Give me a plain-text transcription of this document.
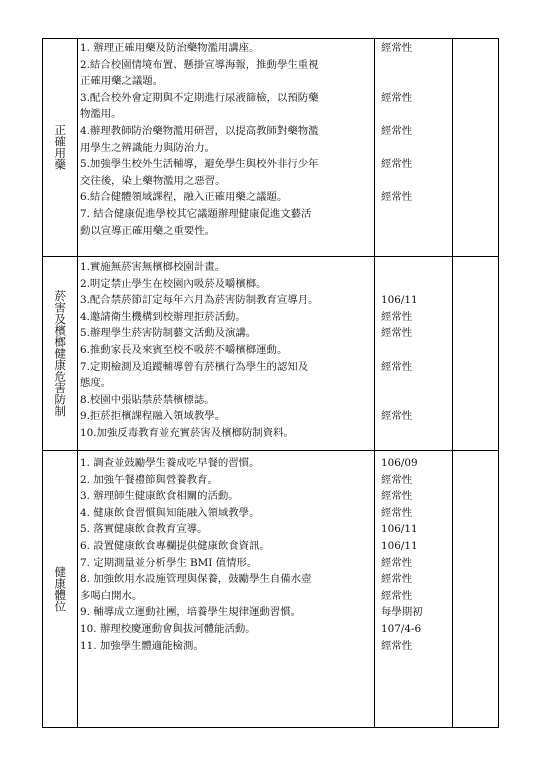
正確用藥

1. 辦理正確用藥及防治藥物濫用講座。

2.結合校園情境布置、懸掛宣導海報，推動學生重視

正確用藥之議題。

3.配合校外會定期與不定期進行尿液篩檢，以預防藥

物濫用。

4.辦理教師防治藥物濫用研習，以提高教師對藥物濫

用學生之辨識能力與防治力。

5.加強學生校外生活輔導，避免學生與校外非行少年

交往後，染上藥物濫用之惡習。

6.結合健體領域課程，融入正確用藥之議題。

7. 結合健康促進學校其它議題辦理健康促進文藝活

動以宣導正確用藥之重要性。

經常性

經常性

經常性

經常性

經常性

菸害及檳榔健康危害防制

1.實施無菸害無檳榔校園計畫。

2.明定禁止學生在校園內吸菸及嚼檳榔。

3.配合禁菸節訂定每年六月為菸害防制教育宣導月。

4.邀請衛生機構到校辦理拒菸活動。

5.辦理學生菸害防制藝文活動及演講。

6.推動家長及來賓至校不吸菸不嚼檳榔運動。

7.定期檢測及追蹤輔導曾有菸檳行為學生的認知及

態度。

8.校園中張貼禁菸禁檳標誌。

9.拒菸拒檳課程融入領域教學。

10.加強反毒教育並充實菸害及檳榔防制資料。

106/11

經常性

經常性

經常性

經常性

健康體位

1. 調查並鼓勵學生養成吃早餐的習慣。

2. 加強午餐禮節與營養教育。

3. 辦理師生健康飲食相關的活動。

4. 健康飲食習慣與知能融入領域教學。

5. 落實健康飲食教育宣導。

6. 設置健康飲食專欄提供健康飲食資訊。

7. 定期測量並分析學生 BMI 值情形。

8. 加強飲用水設施管理與保養，鼓勵學生自備水壺

多喝白開水。

9. 輔導成立運動社團，培養學生規律運動習慣。

10. 辦理校慶運動會與拔河體能活動。

11. 加強學生體適能檢測。

106/09

經常性

經常性

經常性

106/11

106/11

經常性

經常性

經常性

每學期初

107/4-6

經常性
